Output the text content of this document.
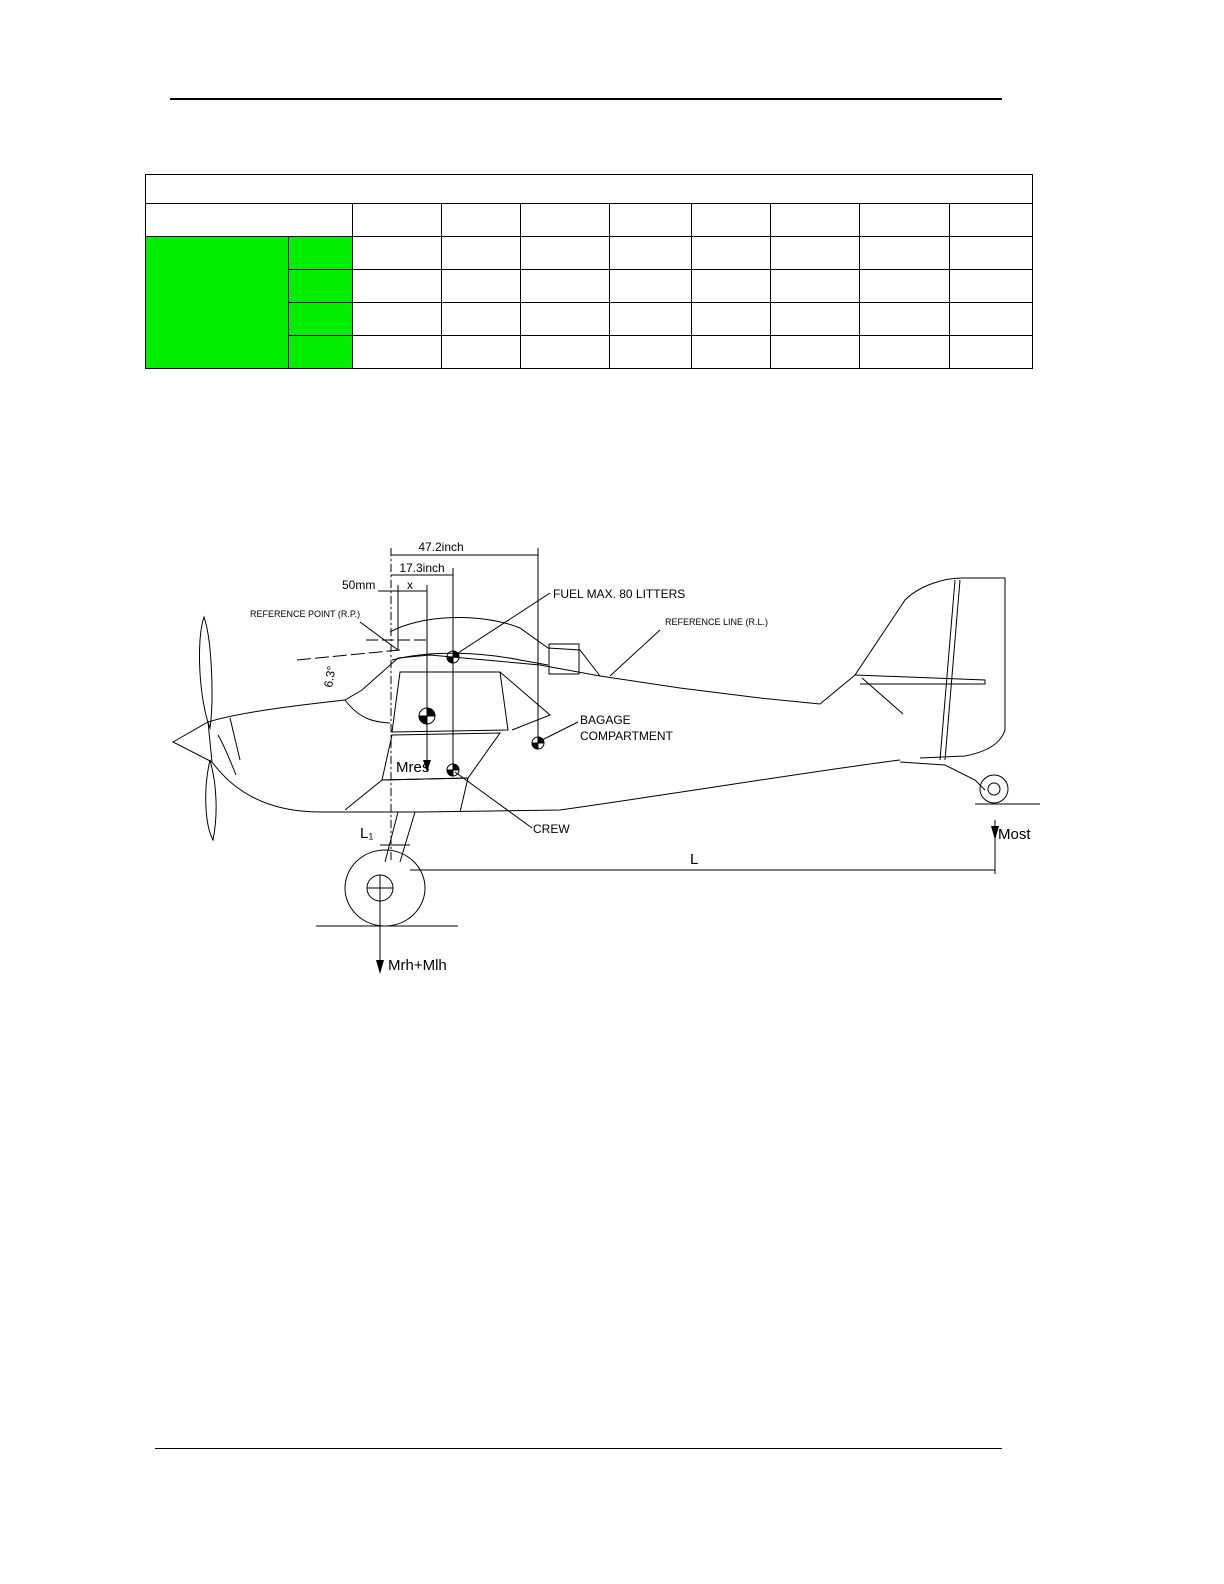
47.2inch
17.3inch
50mm	x
FUEL MAX. 80 LITTERS
REFERENCE POINT (R.P.)
REFERENCE LINE (R.L.)
6.3°
BAGAGE
COMPARTMENT
Mres
CREW	Most
L₁
L
Mrh+Mlh
